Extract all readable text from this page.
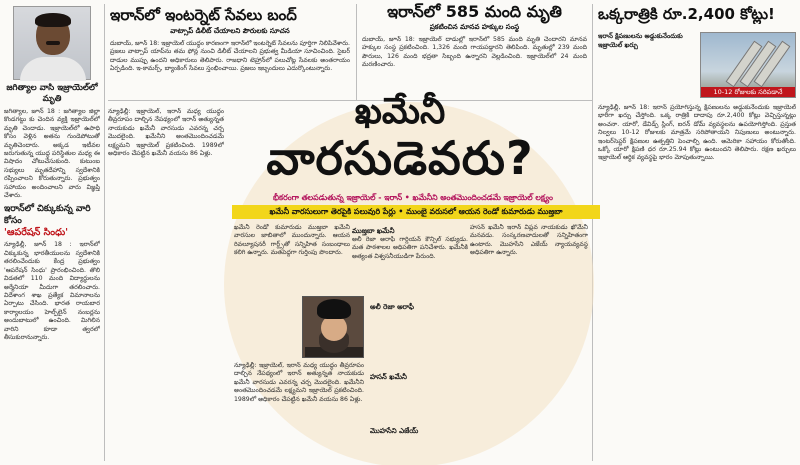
జగిత్యాల వాసి ఇజ్రాయెల్‌లో మృతి
జగిత్యాల, జూన్ 18 : జగిత్యాల జిల్లా కొండగట్టు కు చెందిన వ్యక్తి ఇజ్రాయెల్‌లో మృతి చెందాడు. ఇజ్రాయెల్‌లో ఉపాధి కోసం వెళ్లిన అతను గుండెపోటుతో మృతిచెందారు. అక్కడ ఇటీవల జరుగుతున్న యుద్ధ పరిస్థితుల మధ్య ఈ విషాదం చోటుచేసుకుంది. కుటుంబ సభ్యులు మృతదేహాన్ని స్వదేశానికి రప్పించాలని కోరుతున్నారు. ప్రభుత్వం సహాయం అందించాలని వారు విజ్ఞప్తి చేశారు.
ఇరాన్‌లో చిక్కుకున్న వారి కోసం
'ఆపరేషన్ సింధు'
న్యూఢిల్లీ, జూన్ 18 : ఇరాన్‌లో చిక్కుకున్న భారతీయులను స్వదేశానికి తరలించేందుకు కేంద్ర ప్రభుత్వం 'ఆపరేషన్ సింధు' ప్రారంభించింది. తొలి విడతలో 110 మంది విద్యార్థులను అర్మేనియా మీదుగా తరలించారు. విదేశాంగ శాఖ ప్రత్యేక విమానాలను ఏర్పాటు చేసింది. భారత రాయబార కార్యాలయం హెల్ప్‌లైన్ నంబర్లను అందుబాటులో ఉంచింది. మిగిలిన వారిని కూడా త్వరలో తీసుకురానున్నారు.
ఇరాన్‌లో ఇంటర్నెట్ సేవలు బంద్
వాట్సాప్ డిలీట్ చేయాలని పౌరులకు సూచన
దుబాయ్, జూన్ 18: ఇజ్రాయెల్ యుద్ధం కారణంగా ఇరాన్‌లో ఇంటర్నెట్ సేవలను పూర్తిగా నిలిపివేశారు. ప్రజలు వాట్సాప్ యాప్‌ను తమ ఫోన్ల నుంచి డిలీట్ చేయాలని ప్రభుత్వ మీడియా సూచించింది. సైబర్ దాడుల ముప్పు ఉందని అధికారులు తెలిపారు. రాజధాని టెహ్రాన్‌లో పలుచోట్ల సేవలకు అంతరాయం ఏర్పడింది. ఇ-కామర్స్, బ్యాంకింగ్ సేవలు స్తంభించాయి. ప్రజలు ఇబ్బందులు ఎదుర్కొంటున్నారు.
ఇరాన్‌లో 585 మంది మృతి
ప్రకటించిన మానవ హక్కుల సంస్థ
దుబాయ్, జూన్ 18: ఇజ్రాయెల్ దాడుల్లో ఇరాన్‌లో 585 మంది మృతి చెందారని మానవ హక్కుల సంస్థ ప్రకటించింది. 1,326 మంది గాయపడ్డారని తెలిపింది. మృతుల్లో 239 మంది పౌరులు, 126 మంది భద్రతా సిబ్బంది ఉన్నారని వెల్లడించింది. ఇజ్రాయెల్‌లో 24 మంది మరణించారు.
ఒక్కరాత్రికి రూ.2,400 కోట్లు!
ఇరాన్ క్షిపణులను అడ్డుకునేందుకు ఇజ్రాయెల్ ఖర్చు
10-12 రోజులకు సరిపడానే
న్యూఢిల్లీ, జూన్ 18: ఇరాన్ ప్రయోగిస్తున్న క్షిపణులను అడ్డుకునేందుకు ఇజ్రాయెల్ భారీగా ఖర్చు చేస్తోంది. ఒక్క రాత్రికి దాదాపు రూ.2,400 కోట్లు వెచ్చిస్తున్నట్లు అంచనా. యారో, డేవిడ్స్ స్లింగ్, ఐరన్ డోమ్ వ్యవస్థలను ఉపయోగిస్తోంది. ప్రస్తుత నిల్వలు 10-12 రోజులకు మాత్రమే సరిపోతాయని నిపుణులు అంటున్నారు. ఇంటర్‌సెప్టర్ క్షిపణుల ఉత్పత్తిని పెంచాల్సి ఉంది. అమెరికా సహాయం కోరుతోంది. ఒక్కో యారో క్షిపణి ధర రూ.25.94 కోట్లు ఉంటుందని తెలిపారు. రక్షణ ఖర్చులు ఇజ్రాయెల్ ఆర్థిక వ్యవస్థపై భారం మోపుతున్నాయి.
ఖమేనీ
వారసుడెవరు?
భీకరంగా తలపడుతున్న ఇజ్రాయెల్ - ఇరాన్ • ఖమేనీని అంతమొందించడమే ఇజ్రాయెల్ లక్ష్యం
ఖమేనీ వారసులుగా తెరపైకి పలువురి పేర్లు • ముంబై వరుసలో ఆయన రెండో కుమారుడు ముజ్తబా
న్యూఢిల్లీ: ఇజ్రాయెల్, ఇరాన్ మధ్య యుద్ధం తీవ్రరూపం దాల్చిన నేపథ్యంలో ఇరాన్ అత్యున్నత నాయకుడు ఖమేనీ వారసుడు ఎవరన్న చర్చ మొదలైంది. ఖమేనీని అంతమొందించడమే లక్ష్యమని ఇజ్రాయెల్ ప్రకటించింది. 1989లో అధికారం చేపట్టిన ఖమేనీ వయసు 86 ఏళ్లు.
ఖమేనీ రెండో కుమారుడు ముజ్తబా ఖమేనీ వారసుల జాబితాలో ముందున్నారు. ఆయన రివల్యూషనరీ గార్డ్స్‌తో సన్నిహిత సంబంధాలు కలిగి ఉన్నారు. మతపెద్దగా గుర్తింపు పొందారు.
ముజ్తబా ఖమేనీ
అలీ రెజా అరాఫీ గార్డియన్ కౌన్సిల్ సభ్యుడు. మత పాఠశాలల అధిపతిగా పనిచేశారు. ఖమేనీకి అత్యంత విశ్వసనీయుడిగా పేరుంది.
హసన్ ఖమేనీ ఇరాన్ విప్లవ నాయకుడు ఖొమేనీ మనవడు. సంస్కరణవాదులతో సన్నిహితంగా ఉంటారు. మొహసేని ఎజేయ్ న్యాయవ్యవస్థ అధిపతిగా ఉన్నారు.
అలీ రెజా అరాఫీ
హసన్ ఖమేనీ
మొహసేని ఎజేయ్
న్యూఢిల్లీ: ఇజ్రాయెల్, ఇరాన్ మధ్య యుద్ధం తీవ్రరూపం దాల్చిన నేపథ్యంలో ఇరాన్ అత్యున్నత నాయకుడు ఖమేనీ వారసుడు ఎవరన్న చర్చ మొదలైంది. ఖమేనీని అంతమొందించడమే లక్ష్యమని ఇజ్రాయెల్ ప్రకటించింది. 1989లో అధికారం చేపట్టిన ఖమేనీ వయసు 86 ఏళ్లు.
